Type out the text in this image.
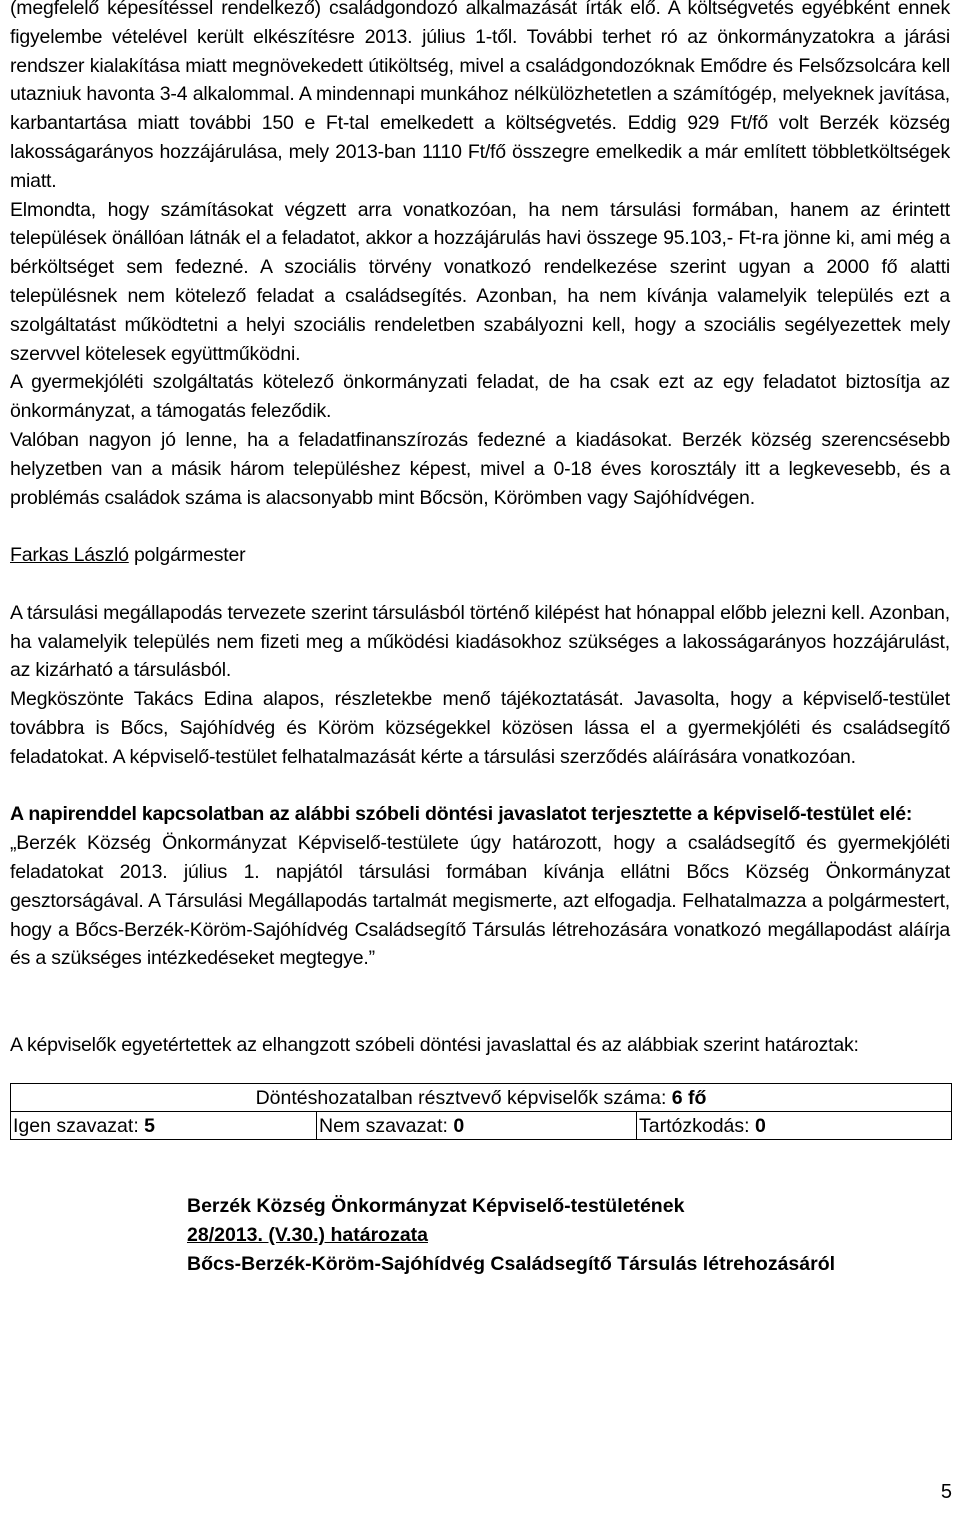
(megfelelő képesítéssel rendelkező) családgondozó alkalmazását írták elő. A költségvetés egyébként ennek figyelembe vételével került elkészítésre 2013. július 1-től. További terhet ró az önkormányzatokra a járási rendszer kialakítása miatt megnövekedett útiköltség, mivel a családgondozóknak Emődre és Felsőzsolcára kell utazniuk havonta 3-4 alkalommal. A mindennapi munkához nélkülözhetetlen a számítógép, melyeknek javítása, karbantartása miatt további 150 e Ft-tal emelkedett a költségvetés. Eddig 929 Ft/fő volt Berzék község lakosságarányos hozzájárulása, mely 2013-ban 1110 Ft/fő összegre emelkedik a már említett többletköltségek miatt.

Elmondta, hogy számításokat végzett arra vonatkozóan, ha nem társulási formában, hanem az érintett települések önállóan látnák el a feladatot, akkor a hozzájárulás havi összege 95.103,- Ft-ra jönne ki, ami még a bérköltséget sem fedezné. A szociális törvény vonatkozó rendelkezése szerint ugyan a 2000 fő alatti településnek nem kötelező feladat a családsegítés. Azonban, ha nem kívánja valamelyik település ezt a szolgáltatást működtetni a helyi szociális rendeletben szabályozni kell, hogy a szociális segélyezettek mely szervvel kötelesek együttműködni.

A gyermekjóléti szolgáltatás kötelező önkormányzati feladat, de ha csak ezt az egy feladatot biztosítja az önkormányzat, a támogatás feleződik.

Valóban nagyon jó lenne, ha a feladatfinanszírozás fedezné a kiadásokat. Berzék község szerencsésebb helyzetben van a másik három településhez képest, mivel a 0-18 éves korosztály itt a legkevesebb, és a problémás családok száma is alacsonyabb mint Bőcsön, Körömben vagy Sajóhídvégen.

Farkas László polgármester

A társulási megállapodás tervezete szerint társulásból történő kilépést hat hónappal előbb jelezni kell. Azonban, ha valamelyik település nem fizeti meg a működési kiadásokhoz szükséges a lakosságarányos hozzájárulást, az kizárható a társulásból.

Megköszönte Takács Edina alapos, részletekbe menő tájékoztatását. Javasolta, hogy a képviselő-testület továbbra is Bőcs, Sajóhídvég és Köröm községekkel közösen lássa el a gyermekjóléti és családsegítő feladatokat. A képviselő-testület felhatalmazását kérte a társulási szerződés aláírására vonatkozóan.

A napirenddel kapcsolatban az alábbi szóbeli döntési javaslatot terjesztette a képviselő-testület elé:

„Berzék Község Önkormányzat Képviselő-testülete úgy határozott, hogy a családsegítő és gyermekjóléti feladatokat 2013. július 1. napjától társulási formában kívánja ellátni Bőcs Község Önkormányzat gesztorságával. A Társulási Megállapodás tartalmát megismerte, azt elfogadja. Felhatalmazza a polgármestert, hogy a Bőcs-Berzék-Köröm-Sajóhídvég Családsegítő Társulás létrehozására vonatkozó megállapodást aláírja és a szükséges intézkedéseket megtegye.”

A képviselők egyetértettek az elhangzott szóbeli döntési javaslattal és az alábbiak szerint határoztak:

Döntéshozatalban résztvevő képviselők száma: 6 fő
Igen szavazat: 5	Nem szavazat: 0	Tartózkodás: 0
Berzék Község Önkormányzat Képviselő-testületének
28/2013. (V.30.) határozata
Bőcs-Berzék-Köröm-Sajóhídvég Családsegítő Társulás létrehozásáról
5
